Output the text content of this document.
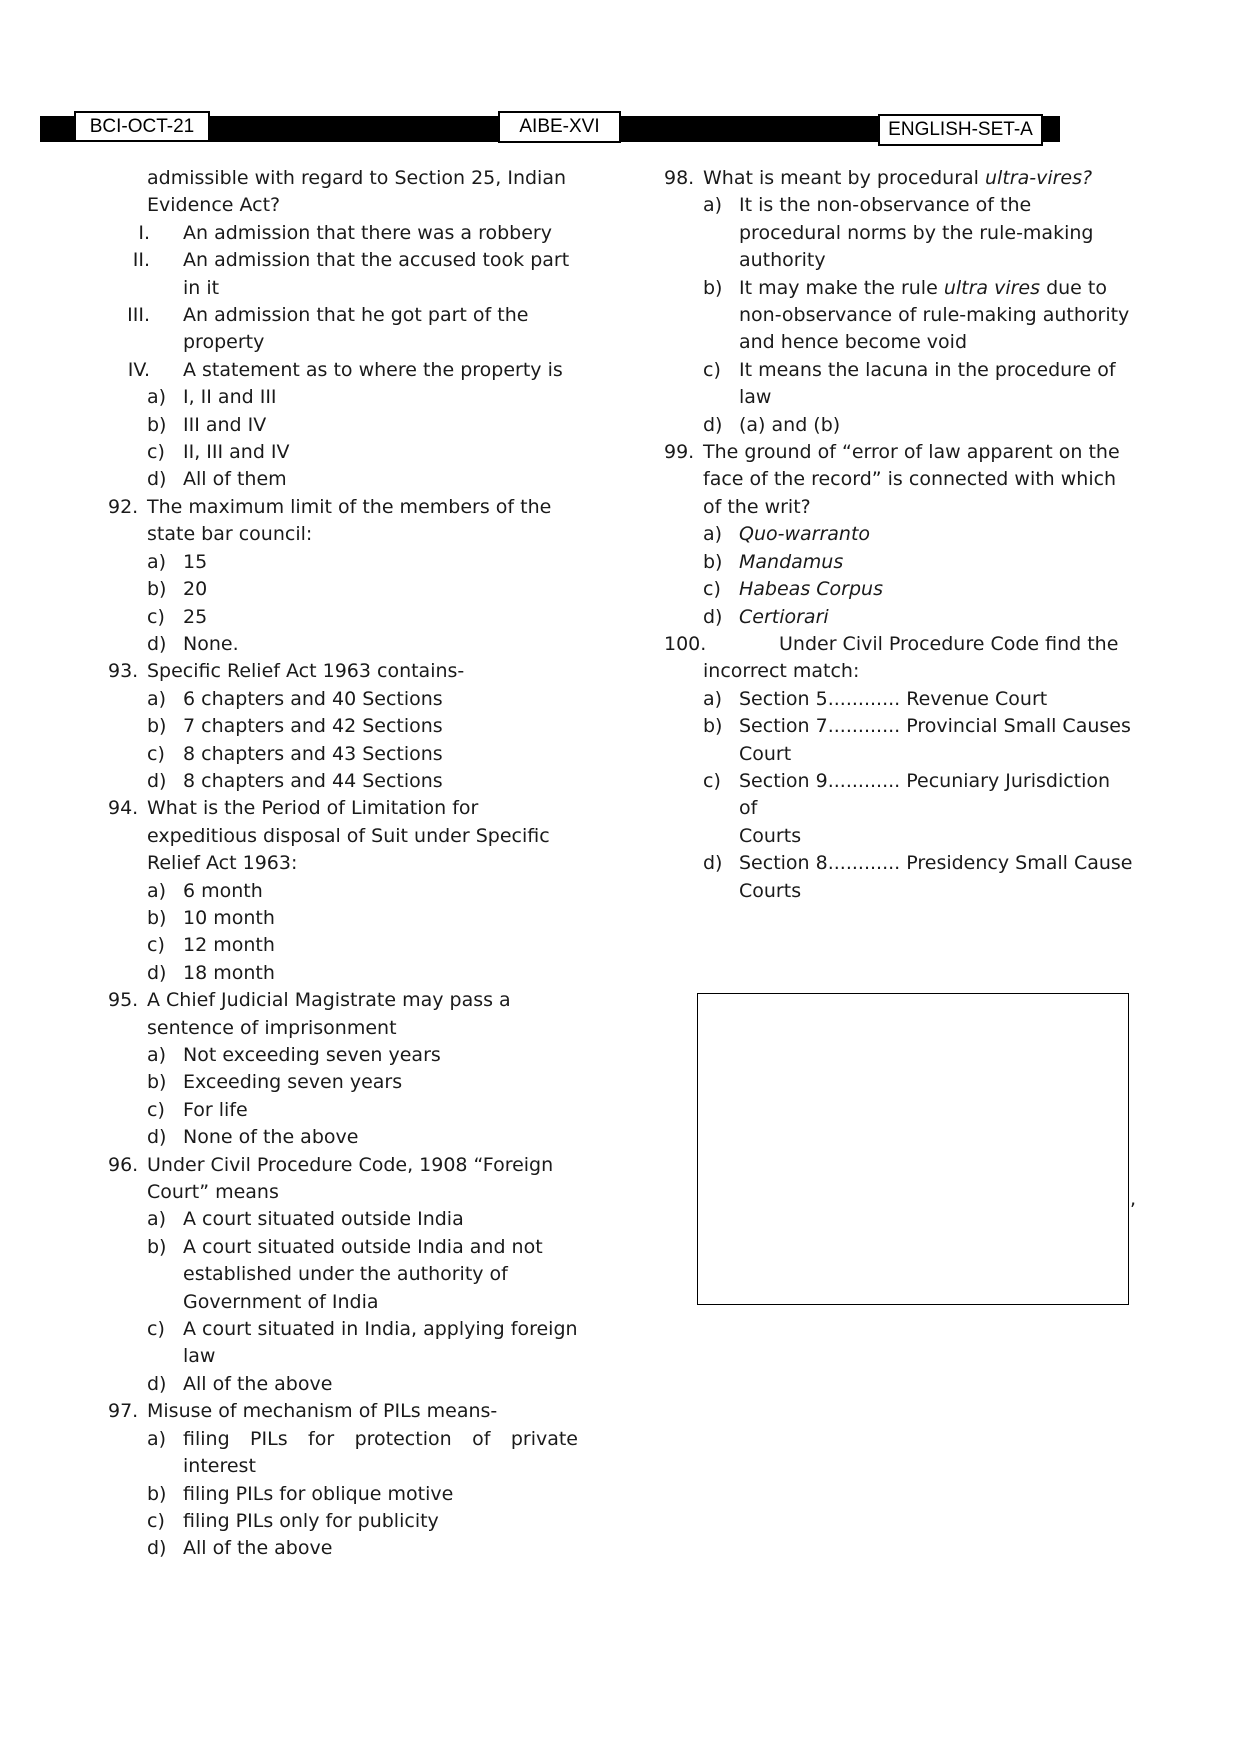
BCI-OCT-21	AIBE-XVI	ENGLISH-SET-A
admissible with regard to Section 25, Indian
Evidence Act?
I. An admission that there was a robbery
II. An admission that the accused took part
in it
III. An admission that he got part of the
property
IV. A statement as to where the property is
a) I, II and III
b) III and IV
c) II, III and IV
d) All of them
92. The maximum limit of the members of the
state bar council:
a) 15
b) 20
c) 25
d) None.
93. Specific Relief Act 1963 contains-
a) 6 chapters and 40 Sections
b) 7 chapters and 42 Sections
c) 8 chapters and 43 Sections
d) 8 chapters and 44 Sections
94. What is the Period of Limitation for
expeditious disposal of Suit under Specific
Relief Act 1963:
a) 6 month
b) 10 month
c) 12 month
d) 18 month
95. A Chief Judicial Magistrate may pass a
sentence of imprisonment
a) Not exceeding seven years
b) Exceeding seven years
c) For life
d) None of the above
96. Under Civil Procedure Code, 1908 “Foreign
Court” means
a) A court situated outside India
b) A court situated outside India and not
established under the authority of
Government of India
c) A court situated in India, applying foreign
law
d) All of the above
97. Misuse of mechanism of PILs means-
a) filing PILs for protection of private
interest
b) filing PILs for oblique motive
c) filing PILs only for publicity
d) All of the above
98. What is meant by procedural ultra-vires?
a) It is the non-observance of the
procedural norms by the rule-making
authority
b) It may make the rule ultra vires due to
non-observance of rule-making authority
and hence become void
c) It means the lacuna in the procedure of
law
d) (a) and (b)
99. The ground of “error of law apparent on the
face of the record” is connected with which
of the writ?
a) Quo-warranto
b) Mandamus
c) Habeas Corpus
d) Certiorari
100.	Under Civil Procedure Code find the
incorrect match:
a) Section 5............ Revenue Court
b) Section 7............ Provincial Small Causes
Court
c) Section 9............ Pecuniary Jurisdiction of
Courts
d) Section 8............ Presidency Small Cause
Courts
,
